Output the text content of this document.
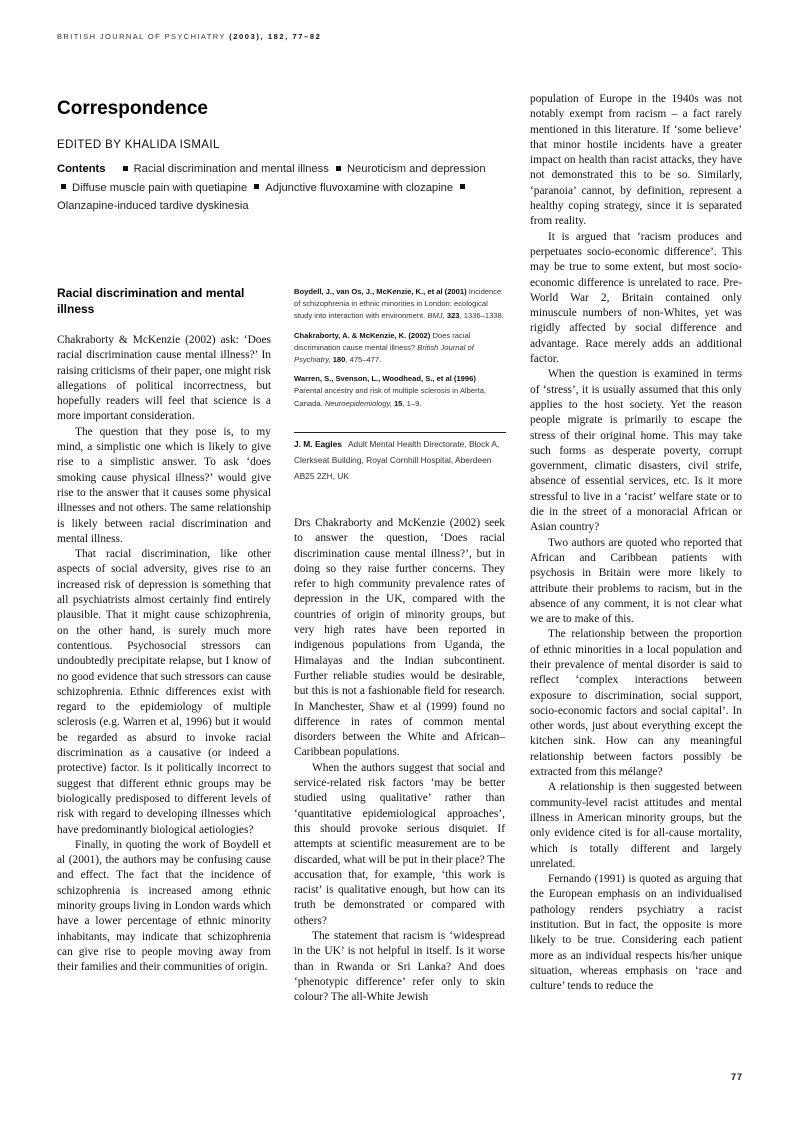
BRITISH JOURNAL OF PSYCHIATRY (2003), 182, 77–82
Correspondence
EDITED BY KHALIDA ISMAIL
Contents	Racial discrimination and mental illness Neuroticism and depression Diffuse muscle pain with quetiapine Adjunctive fluvoxamine with clozapine Olanzapine-induced tardive dyskinesia
Racial discrimination and mental illness

Chakraborty & McKenzie (2002) ask: ‘Does racial discrimination cause mental illness?’ In raising criticisms of their paper, one might risk allegations of political incorrectness, but hopefully readers will feel that science is a more important consideration.

The question that they pose is, to my mind, a simplistic one which is likely to give rise to a simplistic answer. To ask ‘does smoking cause physical illness?’ would give rise to the answer that it causes some physical illnesses and not others. The same relationship is likely between racial discrimination and mental illness.

That racial discrimination, like other aspects of social adversity, gives rise to an increased risk of depression is something that all psychiatrists almost certainly find entirely plausible. That it might cause schizophrenia, on the other hand, is surely much more contentious. Psychosocial stressors can undoubtedly precipitate relapse, but I know of no good evidence that such stressors can cause schizophrenia. Ethnic differences exist with regard to the epidemiology of multiple sclerosis (e.g. Warren et al, 1996) but it would be regarded as absurd to invoke racial discrimination as a causative (or indeed a protective) factor. Is it politically incorrect to suggest that different ethnic groups may be biologically predisposed to different levels of risk with regard to developing illnesses which have predominantly biological aetiologies?

Finally, in quoting the work of Boydell et al (2001), the authors may be confusing cause and effect. The fact that the incidence of schizophrenia is increased among ethnic minority groups living in London wards which have a lower percentage of ethnic minority inhabitants, may indicate that schizophrenia can give rise to people moving away from their families and their communities of origin.

Boydell, J., van Os, J., McKenzie, K., et al (2001) Incidence of schizophrenia in ethnic minorities in London: ecological study into interaction with environment. BMJ, 323, 1336–1338.
Chakraborty, A. & McKenzie, K. (2002) Does racial discrimination cause mental illness? British Journal of Psychiatry, 180, 475–477.
Warren, S., Svenson, L., Woodhead, S., et al (1996) Parental ancestry and risk of multiple sclerosis in Alberta, Canada. Neuroepidemiology, 15, 1–9.
J. M. Eagles Adult Mental Health Directorate, Block A, Clerkseat Building, Royal Cornhill Hospital, Aberdeen AB25 2ZH, UK

Drs Chakraborty and McKenzie (2002) seek to answer the question, ‘Does racial discrimination cause mental illness?’, but in doing so they raise further concerns. They refer to high community prevalence rates of depression in the UK, compared with the countries of origin of minority groups, but very high rates have been reported in indigenous populations from Uganda, the Himalayas and the Indian subcontinent. Further reliable studies would be desirable, but this is not a fashionable field for research. In Manchester, Shaw et al (1999) found no difference in rates of common mental disorders between the White and African–Caribbean populations.

When the authors suggest that social and service-related risk factors ‘may be better studied using qualitative’ rather than ‘quantitative epidemiological approaches’, this should provoke serious disquiet. If attempts at scientific measurement are to be discarded, what will be put in their place? The accusation that, for example, ‘this work is racist’ is qualitative enough, but how can its truth be demonstrated or compared with others?

The statement that racism is ‘widespread in the UK’ is not helpful in itself. Is it worse than in Rwanda or Sri Lanka? And does ‘phenotypic difference’ refer only to skin colour? The all-White Jewish

population of Europe in the 1940s was not notably exempt from racism – a fact rarely mentioned in this literature. If ‘some believe’ that minor hostile incidents have a greater impact on health than racist attacks, they have not demonstrated this to be so. Similarly, ‘paranoia’ cannot, by definition, represent a healthy coping strategy, since it is separated from reality.

It is argued that ‘racism produces and perpetuates socio-economic difference’. This may be true to some extent, but most socio-economic difference is unrelated to race. Pre-World War 2, Britain contained only minuscule numbers of non-Whites, yet was rigidly affected by social difference and advantage. Race merely adds an additional factor.

When the question is examined in terms of ‘stress’, it is usually assumed that this only applies to the host society. Yet the reason people migrate is primarily to escape the stress of their original home. This may take such forms as desperate poverty, corrupt government, climatic disasters, civil strife, absence of essential services, etc. Is it more stressful to live in a ‘racist’ welfare state or to die in the street of a monoracial African or Asian country?

Two authors are quoted who reported that African and Caribbean patients with psychosis in Britain were more likely to attribute their problems to racism, but in the absence of any comment, it is not clear what we are to make of this.

The relationship between the proportion of ethnic minorities in a local population and their prevalence of mental disorder is said to reflect ‘complex interactions between exposure to discrimination, social support, socio-economic factors and social capital’. In other words, just about everything except the kitchen sink. How can any meaningful relationship between factors possibly be extracted from this mélange?

A relationship is then suggested between community-level racist attitudes and mental illness in American minority groups, but the only evidence cited is for all-cause mortality, which is totally different and largely unrelated.

Fernando (1991) is quoted as arguing that the European emphasis on an individualised pathology renders psychiatry a racist institution. But in fact, the opposite is more likely to be true. Considering each patient more as an individual respects his/her unique situation, whereas emphasis on ‘race and culture’ tends to reduce the

77
